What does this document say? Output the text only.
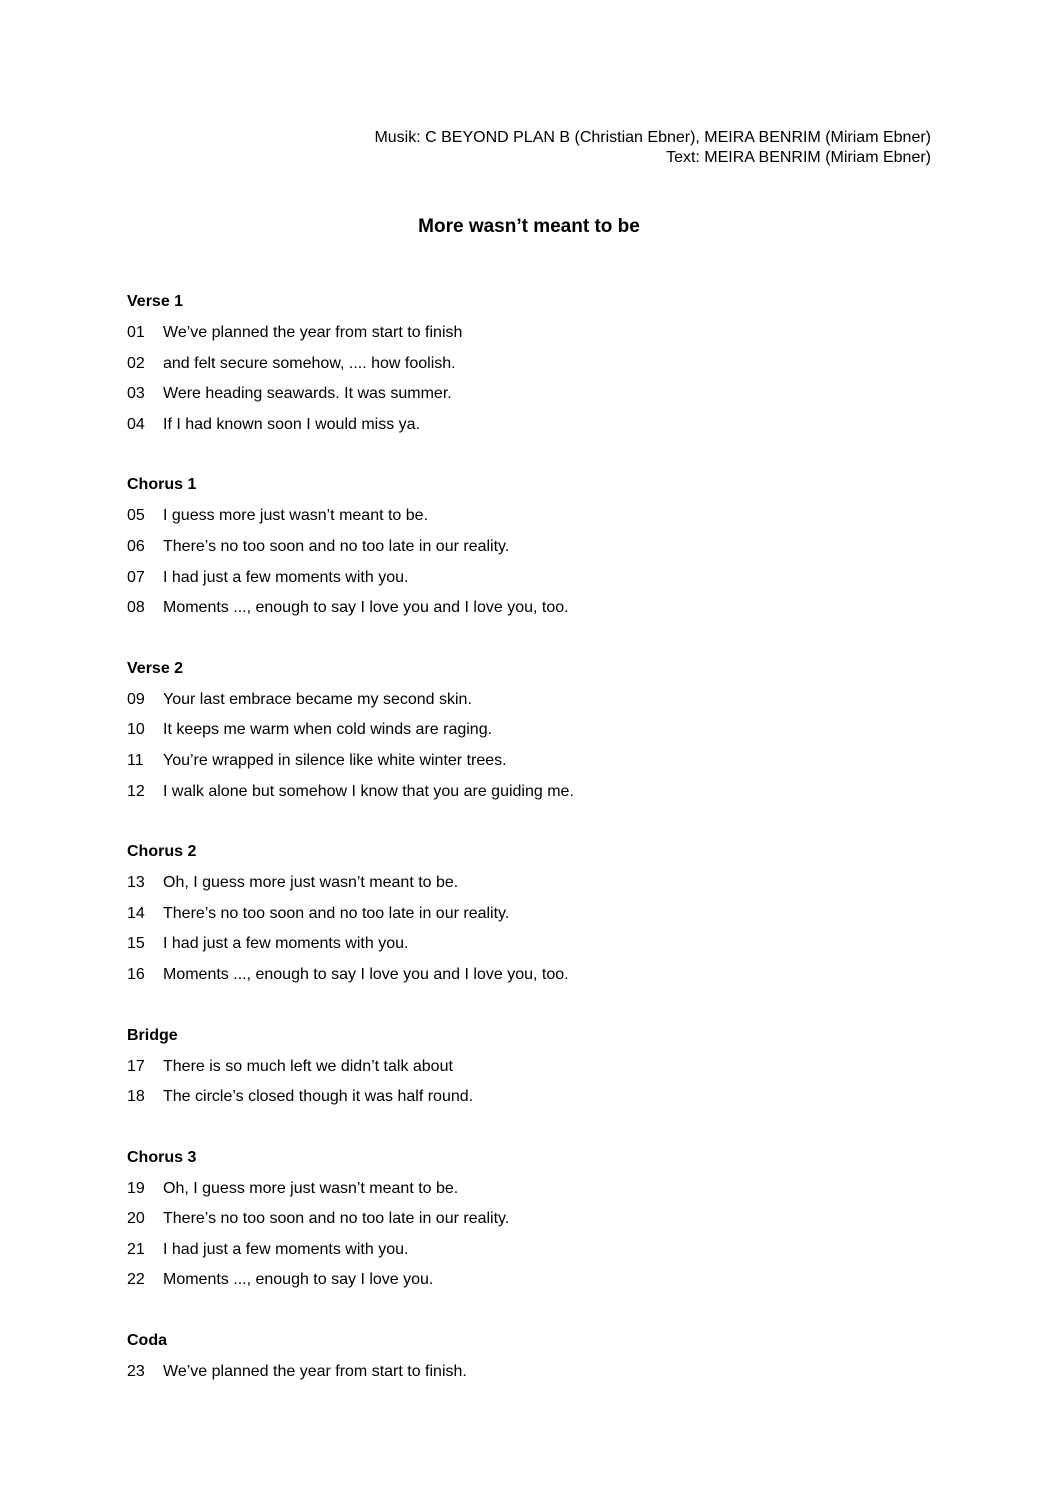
Musik: C BEYOND PLAN B (Christian Ebner), MEIRA BENRIM (Miriam Ebner)
Text: MEIRA BENRIM (Miriam Ebner)
More wasn’t meant to be
Verse 1
01 We’ve planned the year from start to finish
02 and felt secure somehow, .... how foolish.
03 Were heading seawards. It was summer.
04 If I had known soon I would miss ya.
Chorus 1
05 I guess more just wasn’t meant to be.
06 There’s no too soon and no too late in our reality.
07 I had just a few moments with you.
08 Moments ..., enough to say I love you and I love you, too.
Verse 2
09 Your last embrace became my second skin.
10 It keeps me warm when cold winds are raging.
11 You’re wrapped in silence like white winter trees.
12 I walk alone but somehow I know that you are guiding me.
Chorus 2
13 Oh, I guess more just wasn’t meant to be.
14 There’s no too soon and no too late in our reality.
15 I had just a few moments with you.
16 Moments ..., enough to say I love you and I love you, too.
Bridge
17 There is so much left we didn’t talk about
18 The circle’s closed though it was half round.
Chorus 3
19 Oh, I guess more just wasn’t meant to be.
20 There’s no too soon and no too late in our reality.
21 I had just a few moments with you.
22 Moments ..., enough to say I love you.
Coda
23 We’ve planned the year from start to finish.
